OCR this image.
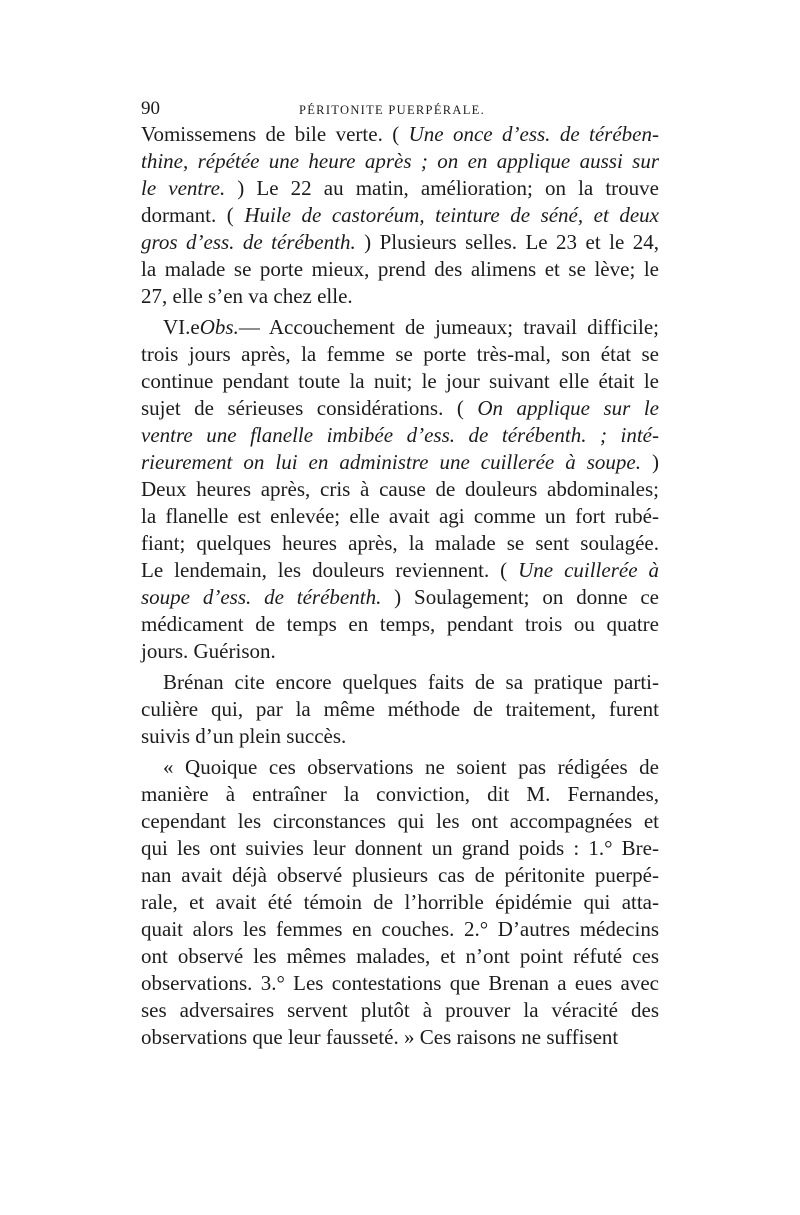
90	PÉRITONITE PUERPÉRALE.
Vomissemens de bile verte. ( Une once d’ess. de térében-
thine, répétée une heure après ; on en applique aussi sur
le ventre. ) Le 22 au matin, amélioration; on la trouve
dormant. ( Huile de castoréum, teinture de séné, et deux
gros d’ess. de térébenth. ) Plusieurs selles. Le 23 et le 24,
la malade se porte mieux, prend des alimens et se lève; le
27, elle s’en va chez elle.
VI.eObs.— Accouchement de jumeaux; travail difficile;
trois jours après, la femme se porte très-mal, son état se
continue pendant toute la nuit; le jour suivant elle était le
sujet de sérieuses considérations. ( On applique sur le
ventre une flanelle imbibée d’ess. de térébenth. ; inté-
rieurement on lui en administre une cuillerée à soupe. )
Deux heures après, cris à cause de douleurs abdominales;
la flanelle est enlevée; elle avait agi comme un fort rubé-
fiant; quelques heures après, la malade se sent soulagée.
Le lendemain, les douleurs reviennent. ( Une cuillerée à
soupe d’ess. de térébenth. ) Soulagement; on donne ce
médicament de temps en temps, pendant trois ou quatre
jours. Guérison.
Brénan cite encore quelques faits de sa pratique parti-
culière qui, par la même méthode de traitement, furent
suivis d’un plein succès.
« Quoique ces observations ne soient pas rédigées de
manière à entraîner la conviction, dit M. Fernandes,
cependant les circonstances qui les ont accompagnées et
qui les ont suivies leur donnent un grand poids : 1.° Bre-
nan avait déjà observé plusieurs cas de péritonite puerpé-
rale, et avait été témoin de l’horrible épidémie qui atta-
quait alors les femmes en couches. 2.° D’autres médecins
ont observé les mêmes malades, et n’ont point réfuté ces
observations. 3.° Les contestations que Brenan a eues avec
ses adversaires servent plutôt à prouver la véracité des
observations que leur fausseté. » Ces raisons ne suffisent
